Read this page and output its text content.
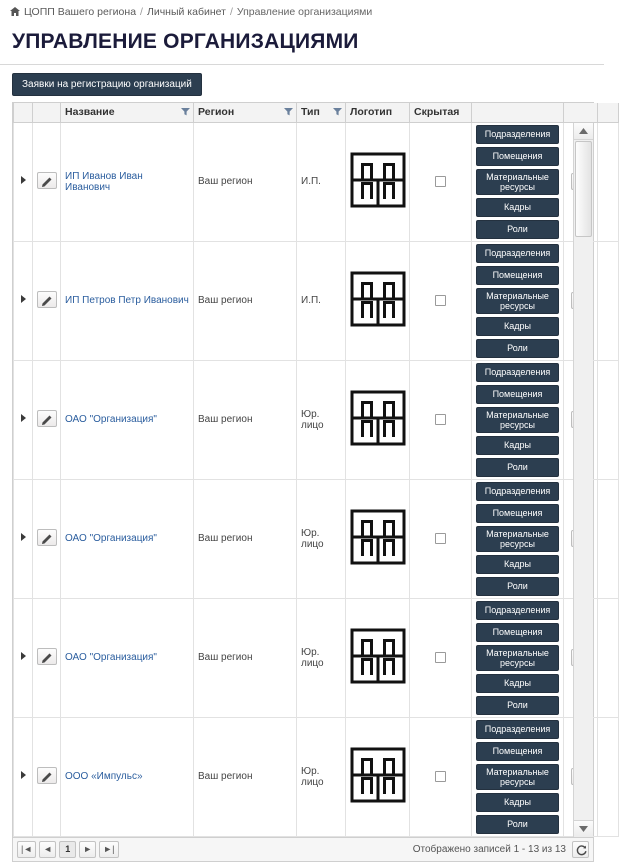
ЦОПП Вашего региона / Личный кабинет / Управление организациями
УПРАВЛЕНИЕ ОРГАНИЗАЦИЯМИ
Заявки на регистрацию организаций
		Название	Регион	Тип	Логотип	Скрытая			

	ИП Иванов Иван Иванович	Ваш регион	И.П.			Подразделения
Помещения
Материальные ресурсы
Кадры
Роли

	ИП Петров Петр Иванович	Ваш регион	И.П.			Подразделения
Помещения
Материальные ресурсы
Кадры
Роли

	ОАО "Организация"	Ваш регион	Юр. лицо			Подразделения
Помещения
Материальные ресурсы
Кадры
Роли

	ОАО "Организация"	Ваш регион	Юр. лицо			Подразделения
Помещения
Материальные ресурсы
Кадры
Роли

	ОАО "Организация"	Ваш регион	Юр. лицо			Подразделения
Помещения
Материальные ресурсы
Кадры
Роли

	ООО «Импульс»	Ваш регион	Юр. лицо			Подразделения
Помещения
Материальные ресурсы
Кадры
Роли

|◄	◄	1	►	►|	Отображено записей 1 - 13 из 13
